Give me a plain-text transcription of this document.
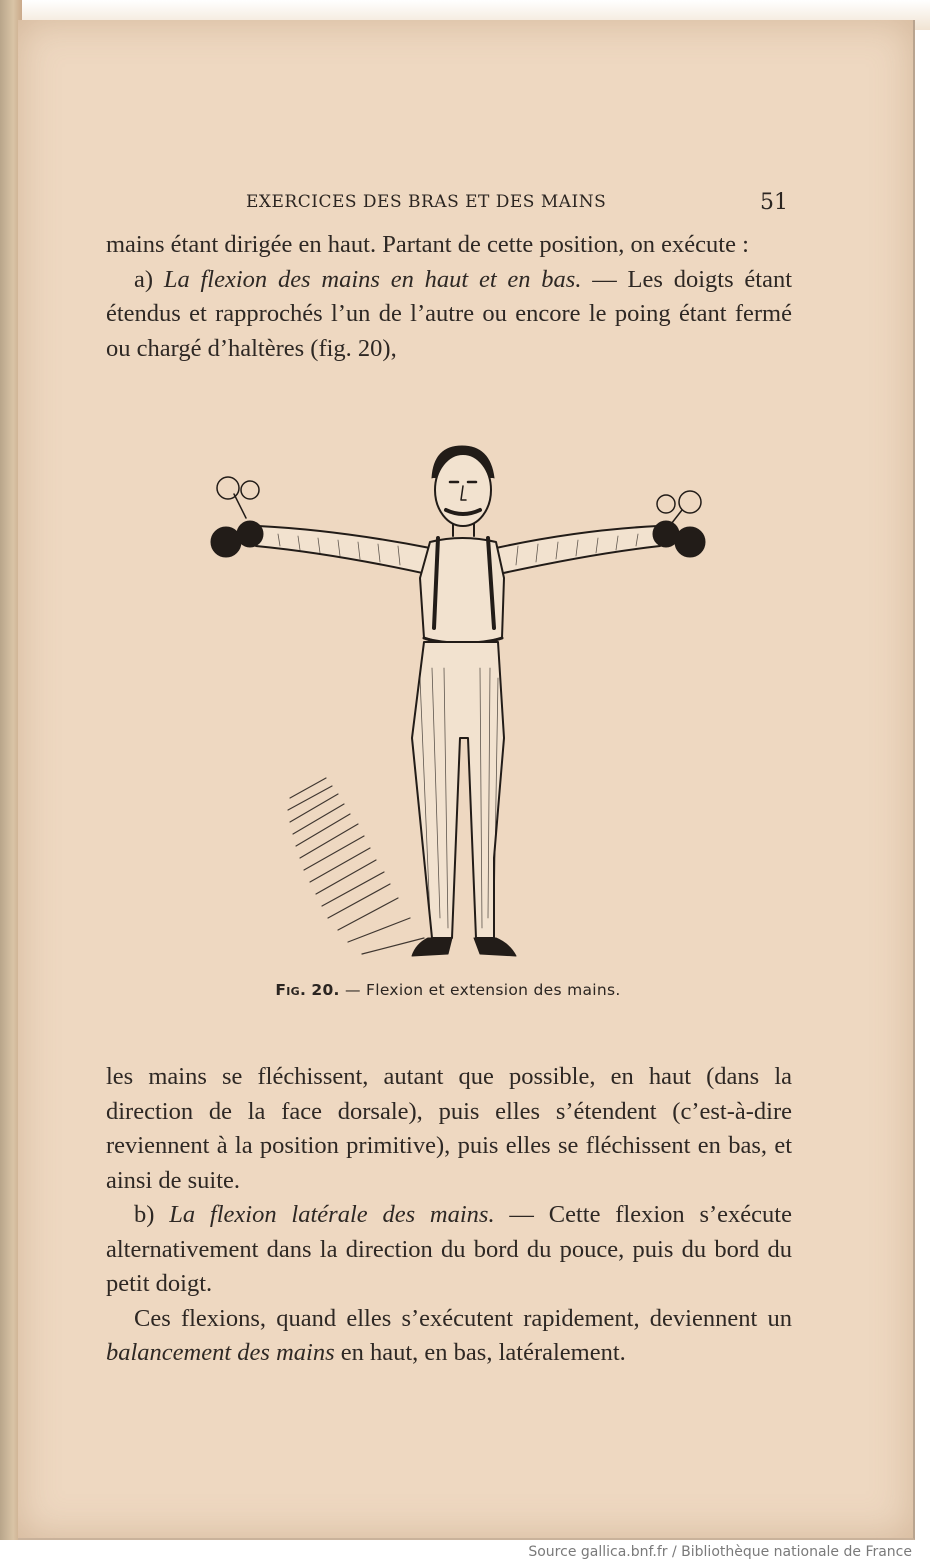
EXERCICES DES BRAS ET DES MAINS	51

mains étant dirigée en haut. Partant de cette position, on exécute :

a) La flexion des mains en haut et en bas. — Les doigts étant étendus et rapprochés l’un de l’autre ou encore le poing étant fermé ou chargé d’haltères (fig. 20),

Fig. 20. — Flexion et extension des mains.

les mains se fléchissent, autant que possible, en haut (dans la direction de la face dorsale), puis elles s’étendent (c’est-à-dire reviennent à la position primitive), puis elles se fléchissent en bas, et ainsi de suite.

b) La flexion latérale des mains. — Cette flexion s’exécute alternativement dans la direction du bord du pouce, puis du bord du petit doigt.

Ces flexions, quand elles s’exécutent rapidement, deviennent un balancement des mains en haut, en bas, latéralement.

Source gallica.bnf.fr / Bibliothèque nationale de France
